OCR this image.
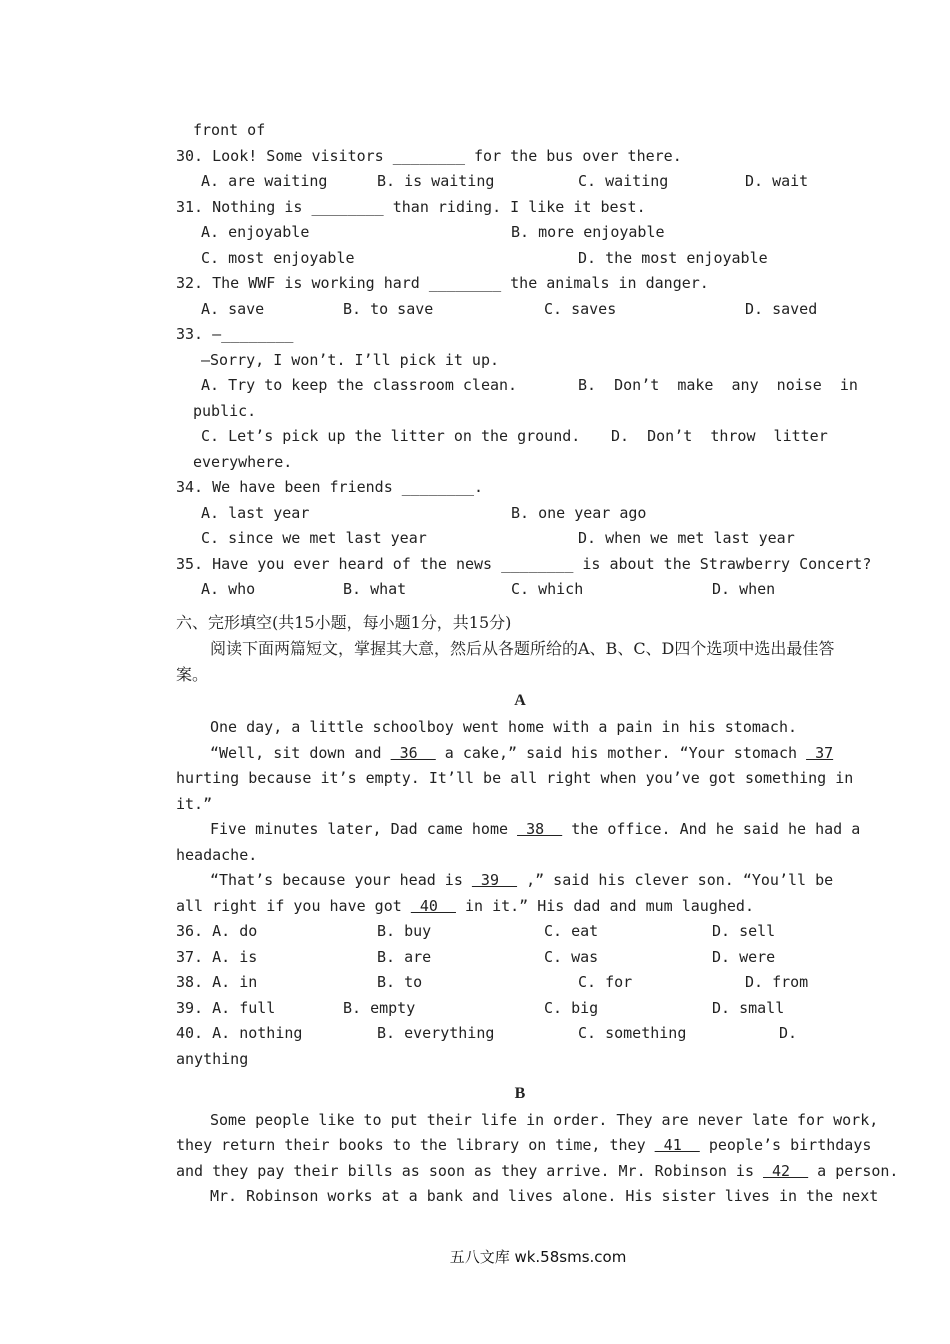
front of
30. Look! Some visitors ________ for the bus over there.
A. are waiting	B. is waiting	C. waiting	D. wait
31. Nothing is ________ than riding. I like it best.
A. enjoyable	B. more enjoyable
C. most enjoyable	D. the most enjoyable
32. The WWF is working hard ________ the animals in danger.
A. save	B. to save	C. saves	D. saved
33. —________
—Sorry, I won’t. I’ll pick it up.
A. Try to keep the classroom clean.	B.  Don’t  make  any  noise  in
public.
C. Let’s pick up the litter on the ground. D.  Don’t  throw  litter
everywhere.
34. We have been friends ________.
A. last year	B. one year ago
C. since we met last year	D. when we met last year
35. Have you ever heard of the news ________ is about the Strawberry Concert?
A. who	B. what	C. which	D. when
六、完形填空(共15小题，每小题1分，共15分)
阅读下面两篇短文，掌握其大意，然后从各题所给的A、B、C、D四个选项中选出最佳答
案。
A
One day, a little schoolboy went home with a pain in his stomach.
“Well, sit down and  36   a cake,” said his mother. “Your stomach  37
hurting because it’s empty. It’ll be all right when you’ve got something in
it.”
Five minutes later, Dad came home  38   the office. And he said he had a
headache.
“That’s because your head is  39   ,” said his clever son. “You’ll be
all right if you have got  40   in it.” His dad and mum laughed.
36. A. do	B. buy	C. eat	D. sell
37. A. is	B. are	C. was	D. were
38. A. in	B. to	C. for	D. from
39. A. full	B. empty	C. big	D. small
40. A. nothing	B. everything	C. something	D.
anything
B
Some people like to put their life in order. They are never late for work,
they return their books to the library on time, they  41   people’s birthdays
and they pay their bills as soon as they arrive. Mr. Robinson is  42   a person.
Mr. Robinson works at a bank and lives alone. His sister lives in the next
五八文库 wk.58sms.com
